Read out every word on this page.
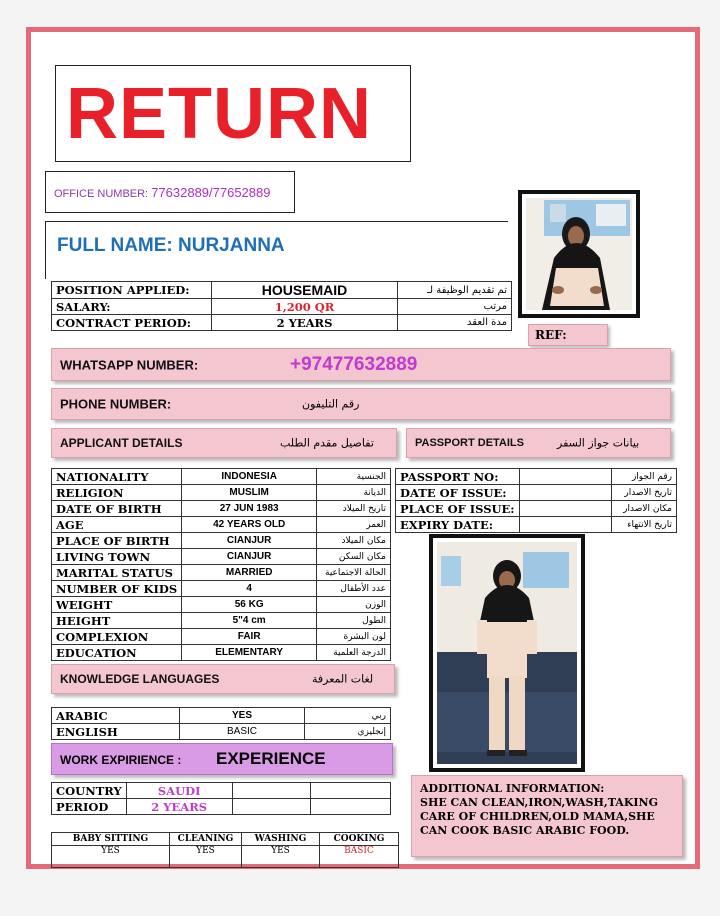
RETURN
OFFICE NUMBER: 77632889/77652889
FULL NAME: NURJANNA
POSITION APPLIED:	HOUSEMAID	تم تقديم الوظيفة لـ
SALARY:	1,200 QR	مرتب
CONTRACT PERIOD:	2 YEARS	مدة العقد
REF:
WHATSAPP NUMBER:	+97477632889
PHONE NUMBER:	رقم التليفون
APPLICANT DETAILS	تفاصيل مقدم الطلب	PASSPORT DETAILS	بيانات جواز السفر
NATIONALITY	INDONESIA	الجنسية
RELIGION	MUSLIM	الديانة
DATE OF BIRTH	27 JUN 1983	تاريخ الميلاد
AGE	42 YEARS OLD	العمر
PLACE OF BIRTH	CIANJUR	مكان الميلاد
LIVING TOWN	CIANJUR	مكان السكن
MARITAL STATUS	MARRIED	الحالة الاجتماعية
NUMBER OF KIDS	4	عدد الأطفال
WEIGHT	56 KG	الوزن
HEIGHT	5"4 cm	الطول
COMPLEXION	FAIR	لون البشرة
EDUCATION	ELEMENTARY	الدرجة العلمية
PASSPORT NO:		رقم الجواز
DATE OF ISSUE:		تاريخ الاصدار
PLACE OF ISSUE:		مكان الاصدار
EXPIRY DATE:		تاريخ الانتهاء
KNOWLEDGE LANGUAGES	لغات المعرفة
ARABIC	YES	ربي
ENGLISH	BASIC	إنجليزي
WORK EXPIRIENCE : EXPERIENCE
COUNTRY	SAUDI		
PERIOD	2 YEARS		
BABY SITTING	CLEANING	WASHING	COOKING
YES	YES	YES	BASIC
ADDITIONAL INFORMATION:
SHE CAN CLEAN,IRON,WASH,TAKING CARE OF CHILDREN,OLD MAMA,SHE CAN COOK BASIC ARABIC FOOD.
